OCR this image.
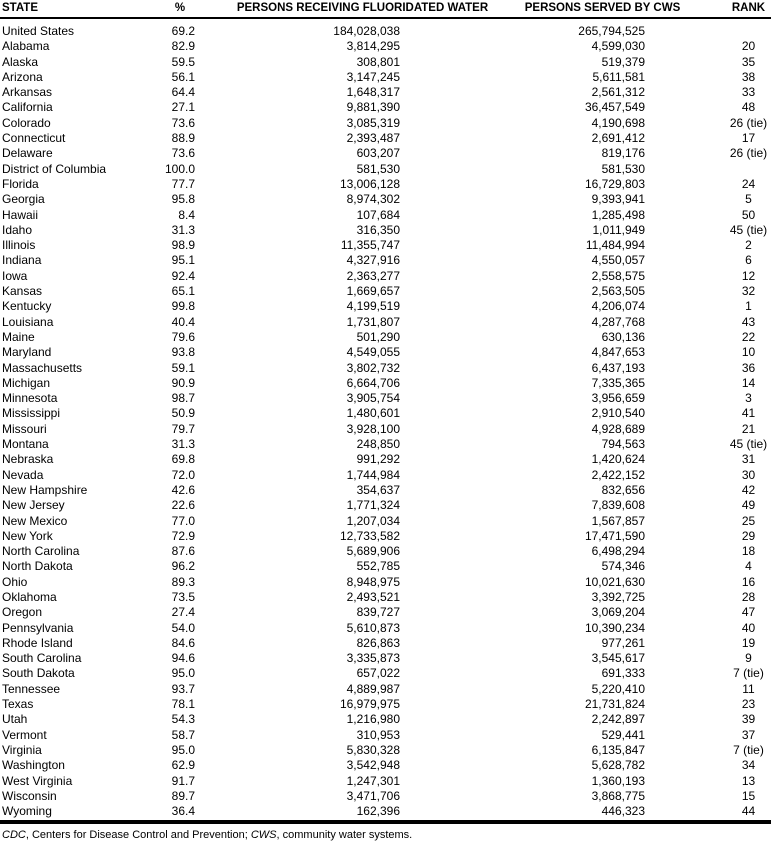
STATE	%	PERSONS RECEIVING FLUORIDATED WATER	PERSONS SERVED BY CWS	RANK
United States	69.2	184,028,038	265,794,525	
Alabama	82.9	3,814,295	4,599,030	20
Alaska	59.5	308,801	519,379	35
Arizona	56.1	3,147,245	5,611,581	38
Arkansas	64.4	1,648,317	2,561,312	33
California	27.1	9,881,390	36,457,549	48
Colorado	73.6	3,085,319	4,190,698	26 (tie)
Connecticut	88.9	2,393,487	2,691,412	17
Delaware	73.6	603,207	819,176	26 (tie)
District of Columbia	100.0	581,530	581,530	
Florida	77.7	13,006,128	16,729,803	24
Georgia	95.8	8,974,302	9,393,941	5
Hawaii	8.4	107,684	1,285,498	50
Idaho	31.3	316,350	1,011,949	45 (tie)
Illinois	98.9	11,355,747	11,484,994	2
Indiana	95.1	4,327,916	4,550,057	6
Iowa	92.4	2,363,277	2,558,575	12
Kansas	65.1	1,669,657	2,563,505	32
Kentucky	99.8	4,199,519	4,206,074	1
Louisiana	40.4	1,731,807	4,287,768	43
Maine	79.6	501,290	630,136	22
Maryland	93.8	4,549,055	4,847,653	10
Massachusetts	59.1	3,802,732	6,437,193	36
Michigan	90.9	6,664,706	7,335,365	14
Minnesota	98.7	3,905,754	3,956,659	3
Mississippi	50.9	1,480,601	2,910,540	41
Missouri	79.7	3,928,100	4,928,689	21
Montana	31.3	248,850	794,563	45 (tie)
Nebraska	69.8	991,292	1,420,624	31
Nevada	72.0	1,744,984	2,422,152	30
New Hampshire	42.6	354,637	832,656	42
New Jersey	22.6	1,771,324	7,839,608	49
New Mexico	77.0	1,207,034	1,567,857	25
New York	72.9	12,733,582	17,471,590	29
North Carolina	87.6	5,689,906	6,498,294	18
North Dakota	96.2	552,785	574,346	4
Ohio	89.3	8,948,975	10,021,630	16
Oklahoma	73.5	2,493,521	3,392,725	28
Oregon	27.4	839,727	3,069,204	47
Pennsylvania	54.0	5,610,873	10,390,234	40
Rhode Island	84.6	826,863	977,261	19
South Carolina	94.6	3,335,873	3,545,617	9
South Dakota	95.0	657,022	691,333	7 (tie)
Tennessee	93.7	4,889,987	5,220,410	11
Texas	78.1	16,979,975	21,731,824	23
Utah	54.3	1,216,980	2,242,897	39
Vermont	58.7	310,953	529,441	37
Virginia	95.0	5,830,328	6,135,847	7 (tie)
Washington	62.9	3,542,948	5,628,782	34
West Virginia	91.7	1,247,301	1,360,193	13
Wisconsin	89.7	3,471,706	3,868,775	15
Wyoming	36.4	162,396	446,323	44
CDC, Centers for Disease Control and Prevention; CWS, community water systems.
